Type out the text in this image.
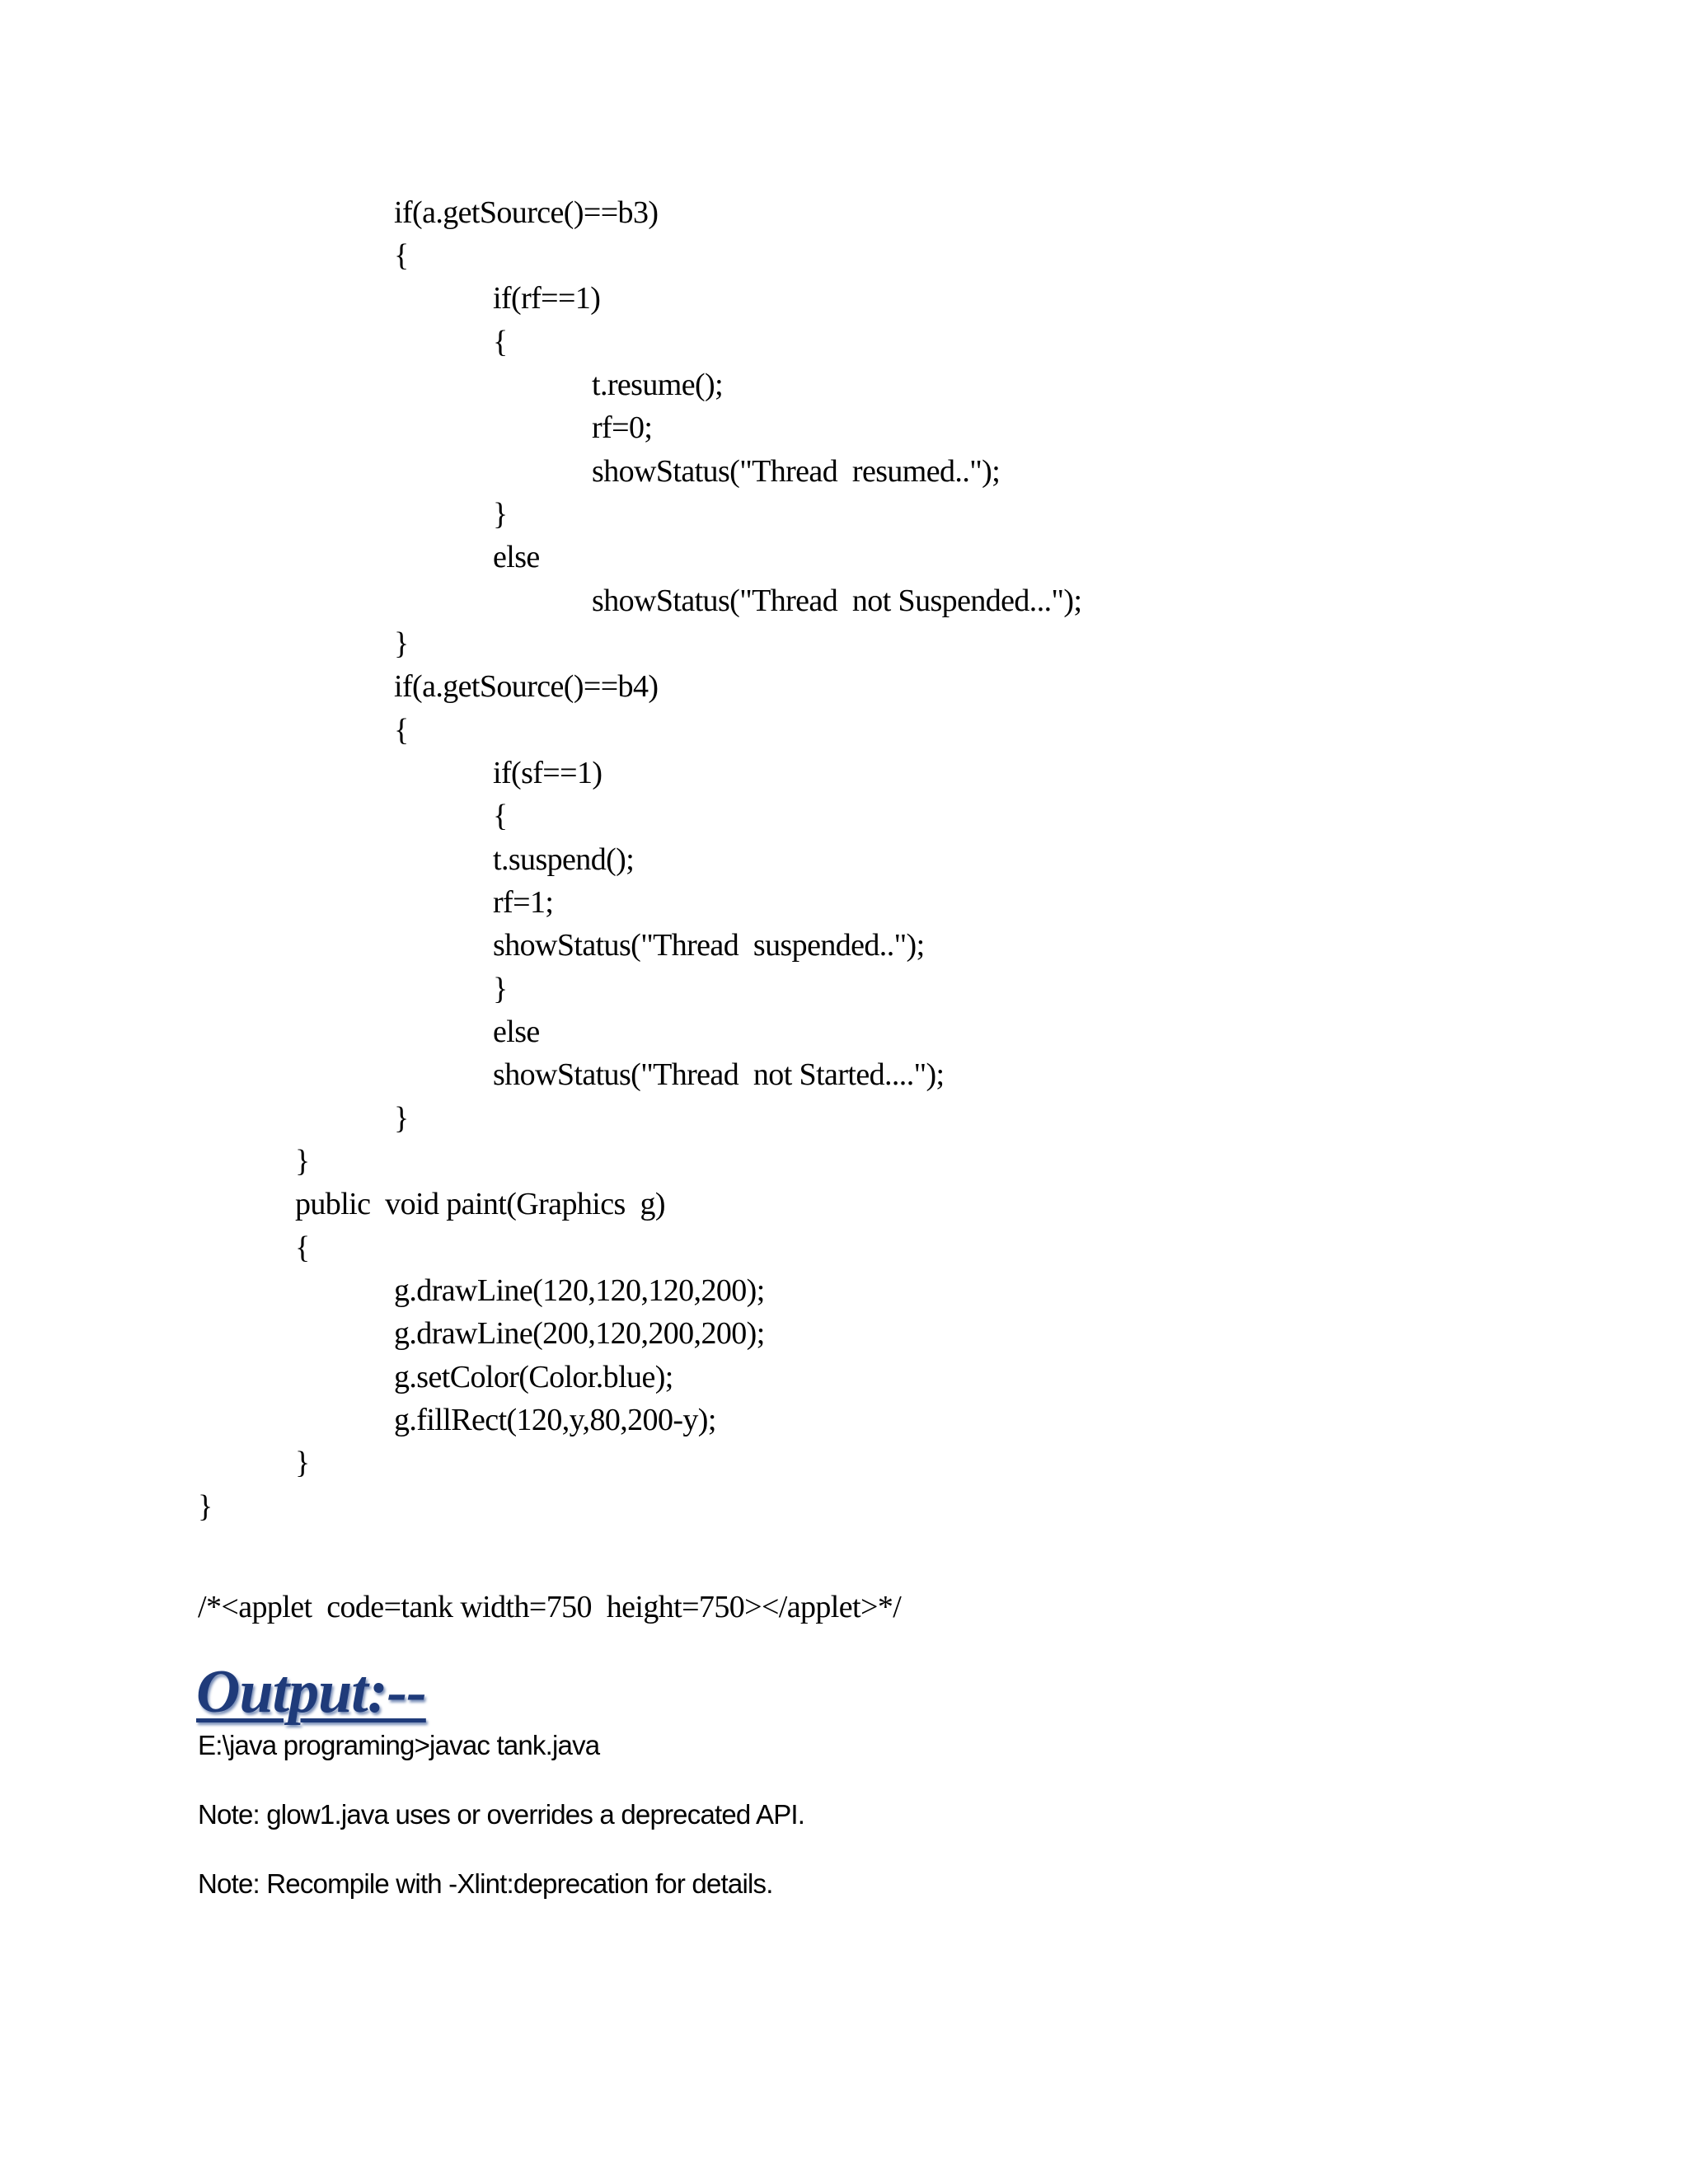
if(a.getSource()==b3)
{
if(rf==1)
{
t.resume();
rf=0;
showStatus("Thread  resumed..");
}
else
showStatus("Thread  not Suspended...");
}
if(a.getSource()==b4)
{
if(sf==1)
{
t.suspend();
rf=1;
showStatus("Thread  suspended..");
}
else
showStatus("Thread  not Started....");
}
}
public  void paint(Graphics  g)
{
g.drawLine(120,120,120,200);
g.drawLine(200,120,200,200);
g.setColor(Color.blue);
g.fillRect(120,y,80,200-y);
}
}
/*<applet  code=tank width=750  height=750></applet>*/
Output:--
E:\java programing>javac tank.java
Note: glow1.java uses or overrides a deprecated API.
Note: Recompile with -Xlint:deprecation for details.
